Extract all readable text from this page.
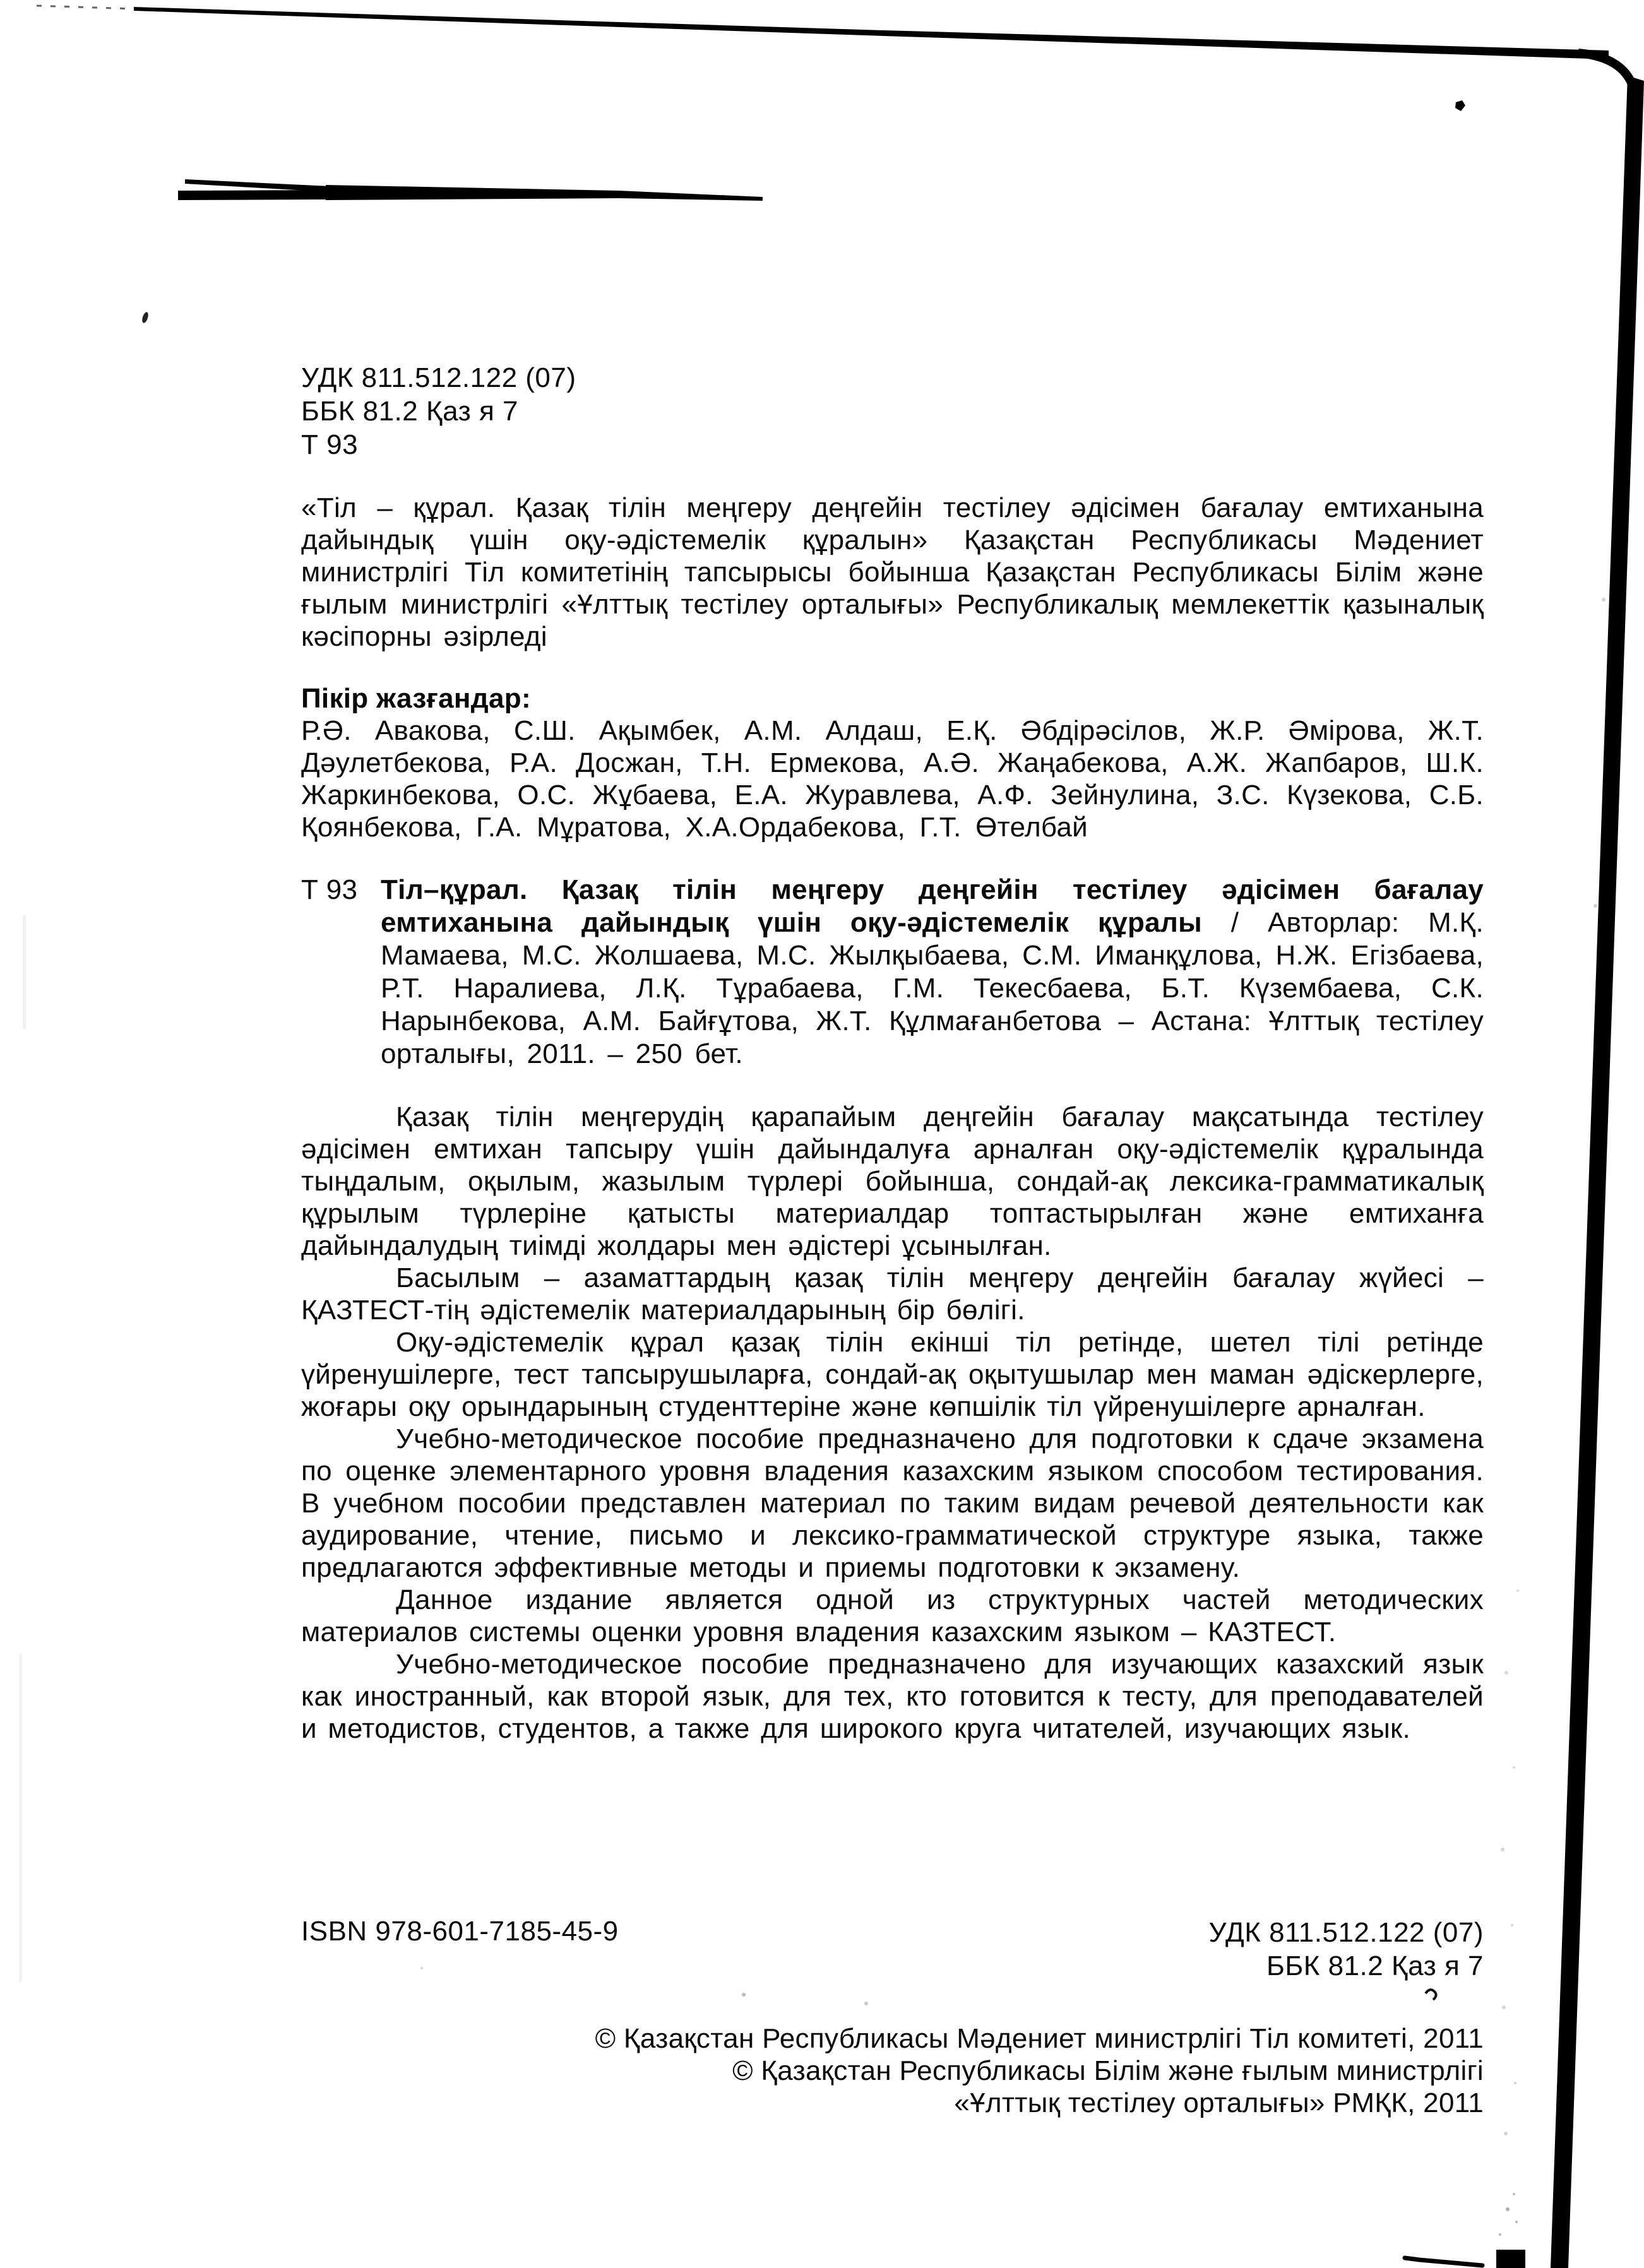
УДК 811.512.122 (07)
ББК 81.2 Қаз я 7
Т 93

«Тіл – құрал. Қазақ тілін меңгеру деңгейін тестілеу әдісімен бағалау емтиханына дайындық үшін оқу-әдістемелік құралын» Қазақстан Республикасы Мәдениет министрлігі Тіл комитетінің тапсырысы бойынша Қазақстан Республикасы Білім және ғылым министрлігі «Ұлттық тестілеу орталығы» Республикалық мемлекеттік қазыналық кәсіпорны әзірледі

Пікір жазғандар:
Р.Ә. Авакова, С.Ш. Ақымбек, А.М. Алдаш, Е.Қ. Әбдірәсілов, Ж.Р. Әмірова, Ж.Т. Дәулетбекова, Р.А. Досжан, Т.Н. Ермекова, А.Ә. Жаңабекова, А.Ж. Жапбаров, Ш.К. Жаркинбекова, О.С. Жұбаева, Е.А. Журавлева, А.Ф. Зейнулина, З.С. Күзекова, С.Б. Қоянбекова, Г.А. Мұратова, Х.А.Ордабекова, Г.Т. Өтелбай
Т 93 Тіл–құрал. Қазақ тілін меңгеру деңгейін тестілеу әдісімен бағалау емтиханына дайындық үшін оқу-әдістемелік құралы / Авторлар: М.Қ. Мамаева, М.С. Жолшаева, М.С. Жылқыбаева, С.М. Иманқұлова, Н.Ж. Егізбаева, Р.Т. Наралиева, Л.Қ. Тұрабаева, Г.М. Текесбаева, Б.Т. Күзембаева, С.К. Нарынбекова, А.М. Байғұтова, Ж.Т. Құлмағанбетова – Астана: Ұлттық тестілеу орталығы, 2011. – 250 бет.

Қазақ тілін меңгерудің қарапайым деңгейін бағалау мақсатында тестілеу әдісімен емтихан тапсыру үшін дайындалуға арналған оқу-әдістемелік құралында тыңдалым, оқылым, жазылым түрлері бойынша, сондай-ақ лексика-грамматикалық құрылым түрлеріне қатысты материалдар топтастырылған және емтиханға дайындалудың тиімді жолдары мен әдістері ұсынылған.

Басылым – азаматтардың қазақ тілін меңгеру деңгейін бағалау жүйесі – ҚАЗТЕСТ-тің әдістемелік материалдарының бір бөлігі.

Оқу-әдістемелік құрал қазақ тілін екінші тіл ретінде, шетел тілі ретінде үйренушілерге, тест тапсырушыларға, сондай-ақ оқытушылар мен маман әдіскерлерге, жоғары оқу орындарының студенттеріне және көпшілік тіл үйренушілерге арналған.

Учебно-методическое пособие предназначено для подготовки к сдаче экзамена по оценке элементарного уровня владения казахским языком способом тестирования. В учебном пособии представлен материал по таким видам речевой деятельности как аудирование, чтение, письмо и лексико-грамматической структуре языка, также предлагаются эффективные методы и приемы подготовки к экзамену.

Данное издание является одной из структурных частей методических материалов системы оценки уровня владения казахским языком – КАЗТЕСТ.

Учебно-методическое пособие предназначено для изучающих казахский язык как иностранный, как второй язык, для тех, кто готовится к тесту, для преподавателей и методистов, студентов, а также для широкого круга читателей, изучающих язык.

ISBN 978-601-7185-45-9	УДК 811.512.122 (07)
ББК 81.2 Қаз я 7
© Қазақстан Республикасы Мәдениет министрлігі Тіл комитеті, 2011
© Қазақстан Республикасы Білім және ғылым министрлігі
«Ұлттық тестілеу орталығы» РМҚК, 2011
